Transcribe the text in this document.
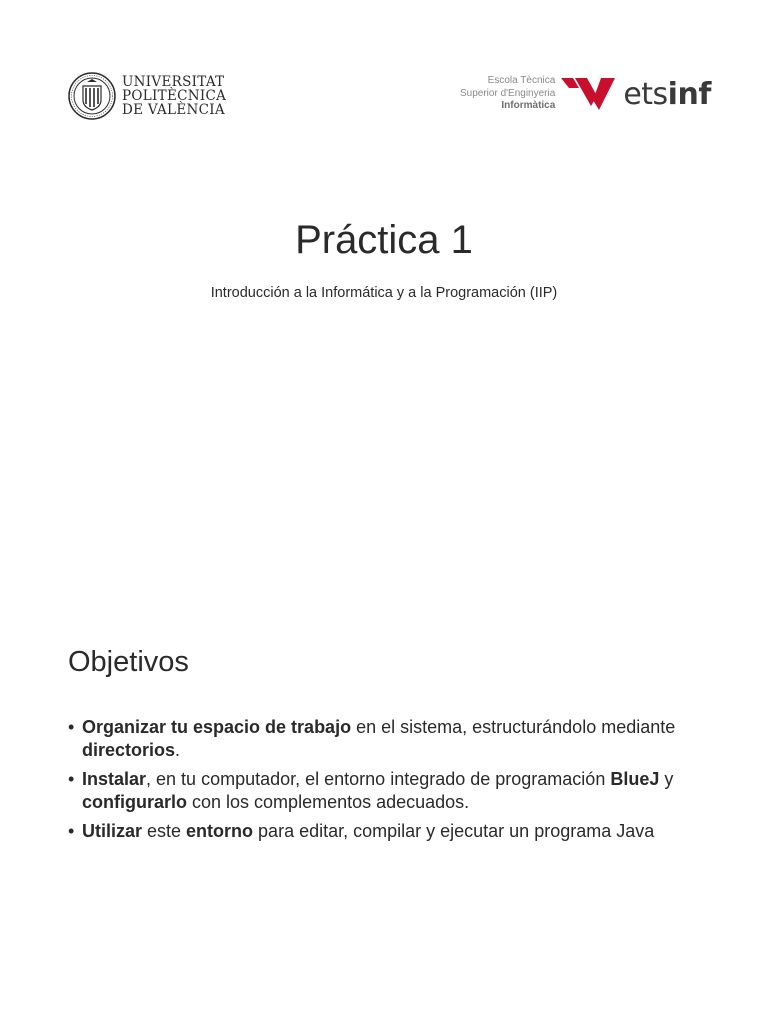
UNIVERSITAT
POLITÈCNICA
DE VALÈNCIA
Escola Tècnica
Superior d'Enginyeria
Informàtica etsinf
Práctica 1
Introducción a la Informática y a la Programación (IIP)
Objetivos
• Organizar tu espacio de trabajo en el sistema, estructurándolo mediante directorios.
• Instalar, en tu computador, el entorno integrado de programación BlueJ y configurarlo con los complementos adecuados.
• Utilizar este entorno para editar, compilar y ejecutar un programa Java
